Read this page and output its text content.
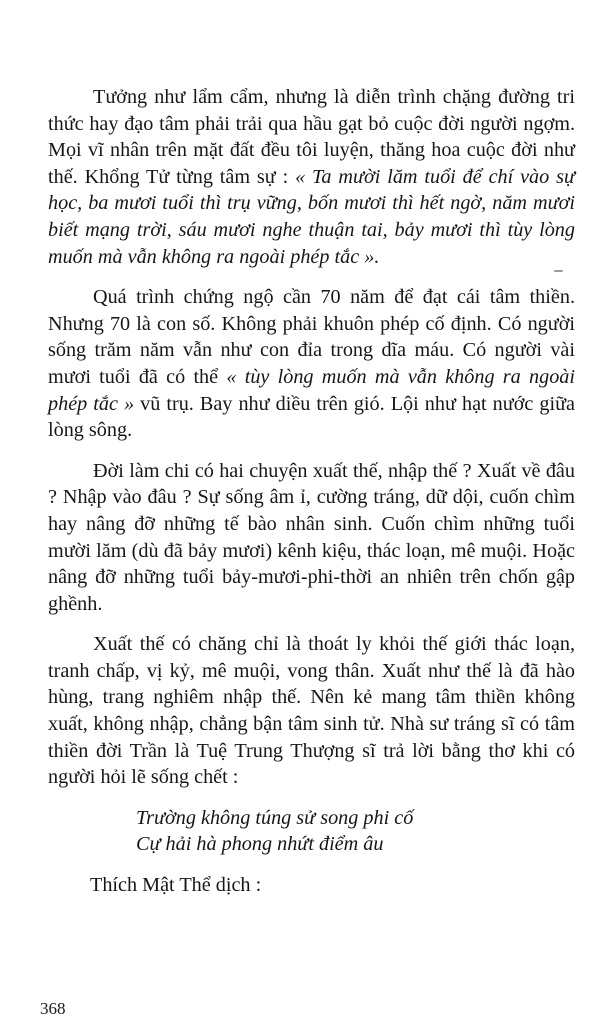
Tưởng như lẩm cẩm, nhưng là diễn trình chặng đường tri thức hay đạo tâm phải trải qua hầu gạt bỏ cuộc đời người ngợm. Mọi vĩ nhân trên mặt đất đều tôi luyện, thăng hoa cuộc đời như thế. Khổng Tử từng tâm sự : « Ta mười lăm tuổi để chí vào sự học, ba mươi tuổi thì trụ vững, bốn mươi thì hết ngờ, năm mươi biết mạng trời, sáu mươi nghe thuận tai, bảy mươi thì tùy lòng muốn mà vẫn không ra ngoài phép tắc ».

Quá trình chứng ngộ cần 70 năm để đạt cái tâm thiền. Nhưng 70 là con số. Không phải khuôn phép cố định. Có người sống trăm năm vẫn như con đỉa trong dĩa máu. Có người vài mươi tuổi đã có thể « tùy lòng muốn mà vẫn không ra ngoài phép tắc » vũ trụ. Bay như diều trên gió. Lội như hạt nước giữa lòng sông.

Đời làm chi có hai chuyện xuất thế, nhập thế ? Xuất về đâu ? Nhập vào đâu ? Sự sống âm ỉ, cường tráng, dữ dội, cuốn chìm hay nâng đỡ những tế bào nhân sinh. Cuốn chìm những tuổi mười lăm (dù đã bảy mươi) kênh kiệu, thác loạn, mê muội. Hoặc nâng đỡ những tuổi bảy-mươi-phi-thời an nhiên trên chốn gập ghềnh.

Xuất thế có chăng chỉ là thoát ly khỏi thế giới thác loạn, tranh chấp, vị kỷ, mê muội, vong thân. Xuất như thế là đã hào hùng, trang nghiêm nhập thế. Nên kẻ mang tâm thiền không xuất, không nhập, chẳng bận tâm sinh tử. Nhà sư tráng sĩ có tâm thiền đời Trần là Tuệ Trung Thượng sĩ trả lời bằng thơ khi có người hỏi lẽ sống chết :

Trường không túng sử song phi cố
Cự hải hà phong nhứt điểm âu

Thích Mật Thể dịch :

368
